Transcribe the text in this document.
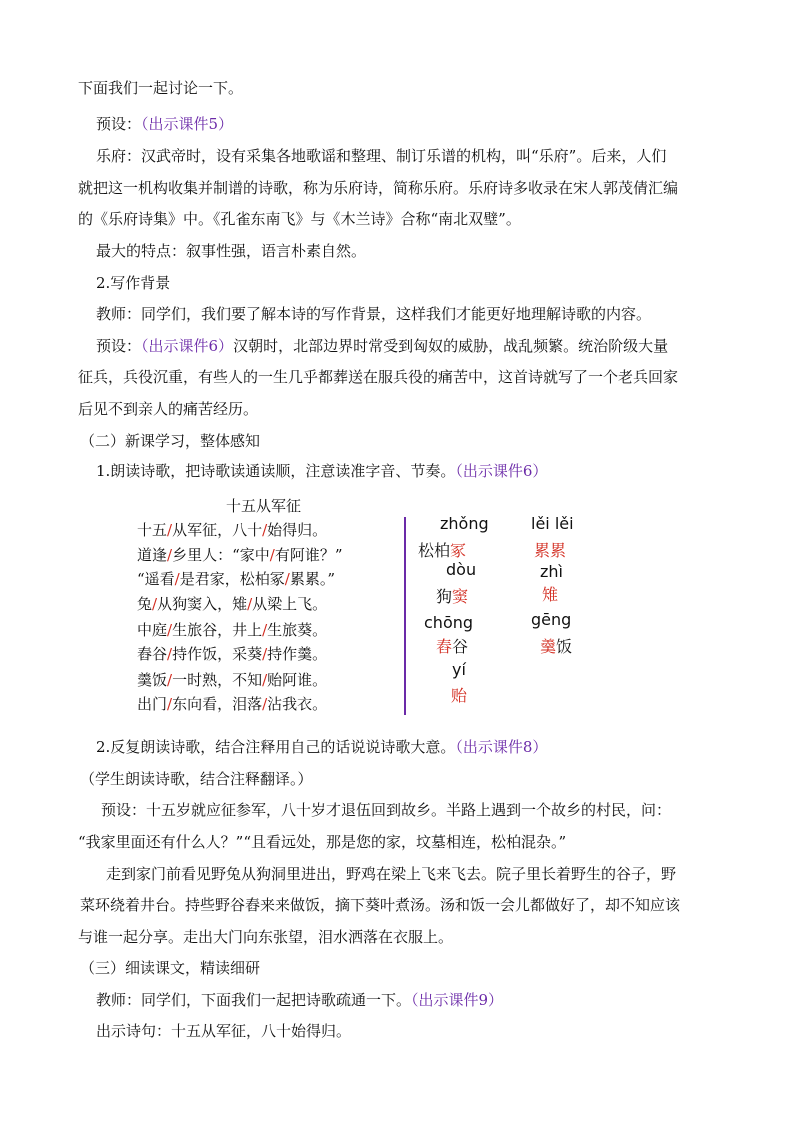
下面我们一起讨论一下。
预设：（出示课件5）
乐府：汉武帝时，设有采集各地歌谣和整理、制订乐谱的机构，叫“乐府”。后来，人们
就把这一机构收集并制谱的诗歌，称为乐府诗，简称乐府。乐府诗多收录在宋人郭茂倩汇编
的《乐府诗集》中。《孔雀东南飞》与《木兰诗》合称“南北双璧”。
最大的特点：叙事性强，语言朴素自然。
2.写作背景
教师：同学们，我们要了解本诗的写作背景，这样我们才能更好地理解诗歌的内容。
预设：（出示课件6）汉朝时，北部边界时常受到匈奴的威胁，战乱频繁。统治阶级大量
征兵，兵役沉重，有些人的一生几乎都葬送在服兵役的痛苦中，这首诗就写了一个老兵回家
后见不到亲人的痛苦经历。
（二）新课学习，整体感知
1.朗读诗歌，把诗歌读通读顺，注意读准字音、节奏。（出示课件6）
十五从军征
十五/从军征，八十/始得归。
道逢/乡里人：“家中/有阿谁？”
“遥看/是君家，松柏冢/累累。”
兔/从狗窦入，雉/从梁上飞。
中庭/生旅谷，井上/生旅葵。
舂谷/持作饭，采葵/持作羹。
羹饭/一时熟，不知/贻阿谁。
出门/东向看，泪落/沾我衣。
zhǒng
松柏冢
lěi lěi
累累
dòu
狗窦
zhì
雉
chōng
舂谷
gēng
羹饭
yí
贻
2.反复朗读诗歌，结合注释用自己的话说说诗歌大意。（出示课件8）
（学生朗读诗歌，结合注释翻译。）
预设：十五岁就应征参军，八十岁才退伍回到故乡。半路上遇到一个故乡的村民，问：
“我家里面还有什么人？”“且看远处，那是您的家，坟墓相连，松柏混杂。”
走到家门前看见野兔从狗洞里进出，野鸡在梁上飞来飞去。院子里长着野生的谷子，野
菜环绕着井台。持些野谷舂来来做饭，摘下葵叶煮汤。汤和饭一会儿都做好了，却不知应该
与谁一起分享。走出大门向东张望，泪水洒落在衣服上。
（三）细读课文，精读细研
教师：同学们，下面我们一起把诗歌疏通一下。（出示课件9）
出示诗句：十五从军征，八十始得归。
